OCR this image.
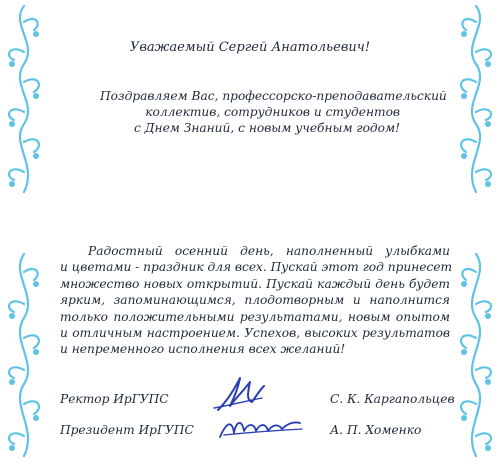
Уважаемый Сергей Анатольевич!
Поздравляем Вас, профессорско-преподавательский
коллектив, сотрудников и студентов
с Днем Знаний, с новым учебным годом!
Радостный осенний день, наполненный улыбками
и цветами - праздник для всех. Пускай этот год принесет
множество новых открытий. Пускай каждый день будет
ярким, запоминающимся, плодотворным и наполнится
только положительными результатами, новым опытом
и отличным настроением. Успехов, высоких результатов
и непременного исполнения всех желаний!
Ректор ИрГУПС	С. К. Каргапольцев
Президент ИрГУПС	А. П. Хоменко
